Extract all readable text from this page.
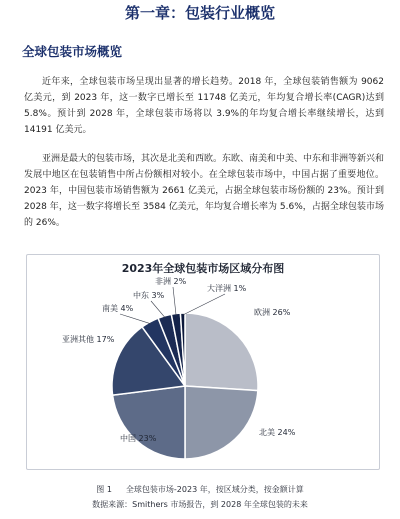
第一章：包装行业概览
全球包装市场概览

近年来，全球包装市场呈现出显著的增长趋势。2018 年，全球包装销售额为 9062 亿美元，到 2023 年，这一数字已增长至 11748 亿美元，年均复合增长率(CAGR)达到 5.8%。预计到 2028 年，全球包装市场将以 3.9%的年均复合增长率继续增长，达到 14191 亿美元。

亚洲是最大的包装市场，其次是北美和西欧。东欧、南美和中美、中东和非洲等新兴和发展中地区在包装销售中所占份额相对较小。在全球包装市场中，中国占据了重要地位。2023 年，中国包装市场销售额为 2661 亿美元，占据全球包装市场份额的 23%。预计到 2028 年，这一数字将增长至 3584 亿美元，年均复合增长率为 5.6%，占据全球包装市场的 26%。

2023年全球包装市场区域分布图
欧洲 26%
北美 24%
中国 23%
亚洲其他 17%
南美 4%
中东 3%
非洲 2%
大洋洲 1%

图 1 全球包装市场-2023 年，按区域分类，按金额计算

数据来源：Smithers 市场报告，到 2028 年全球包装的未来
